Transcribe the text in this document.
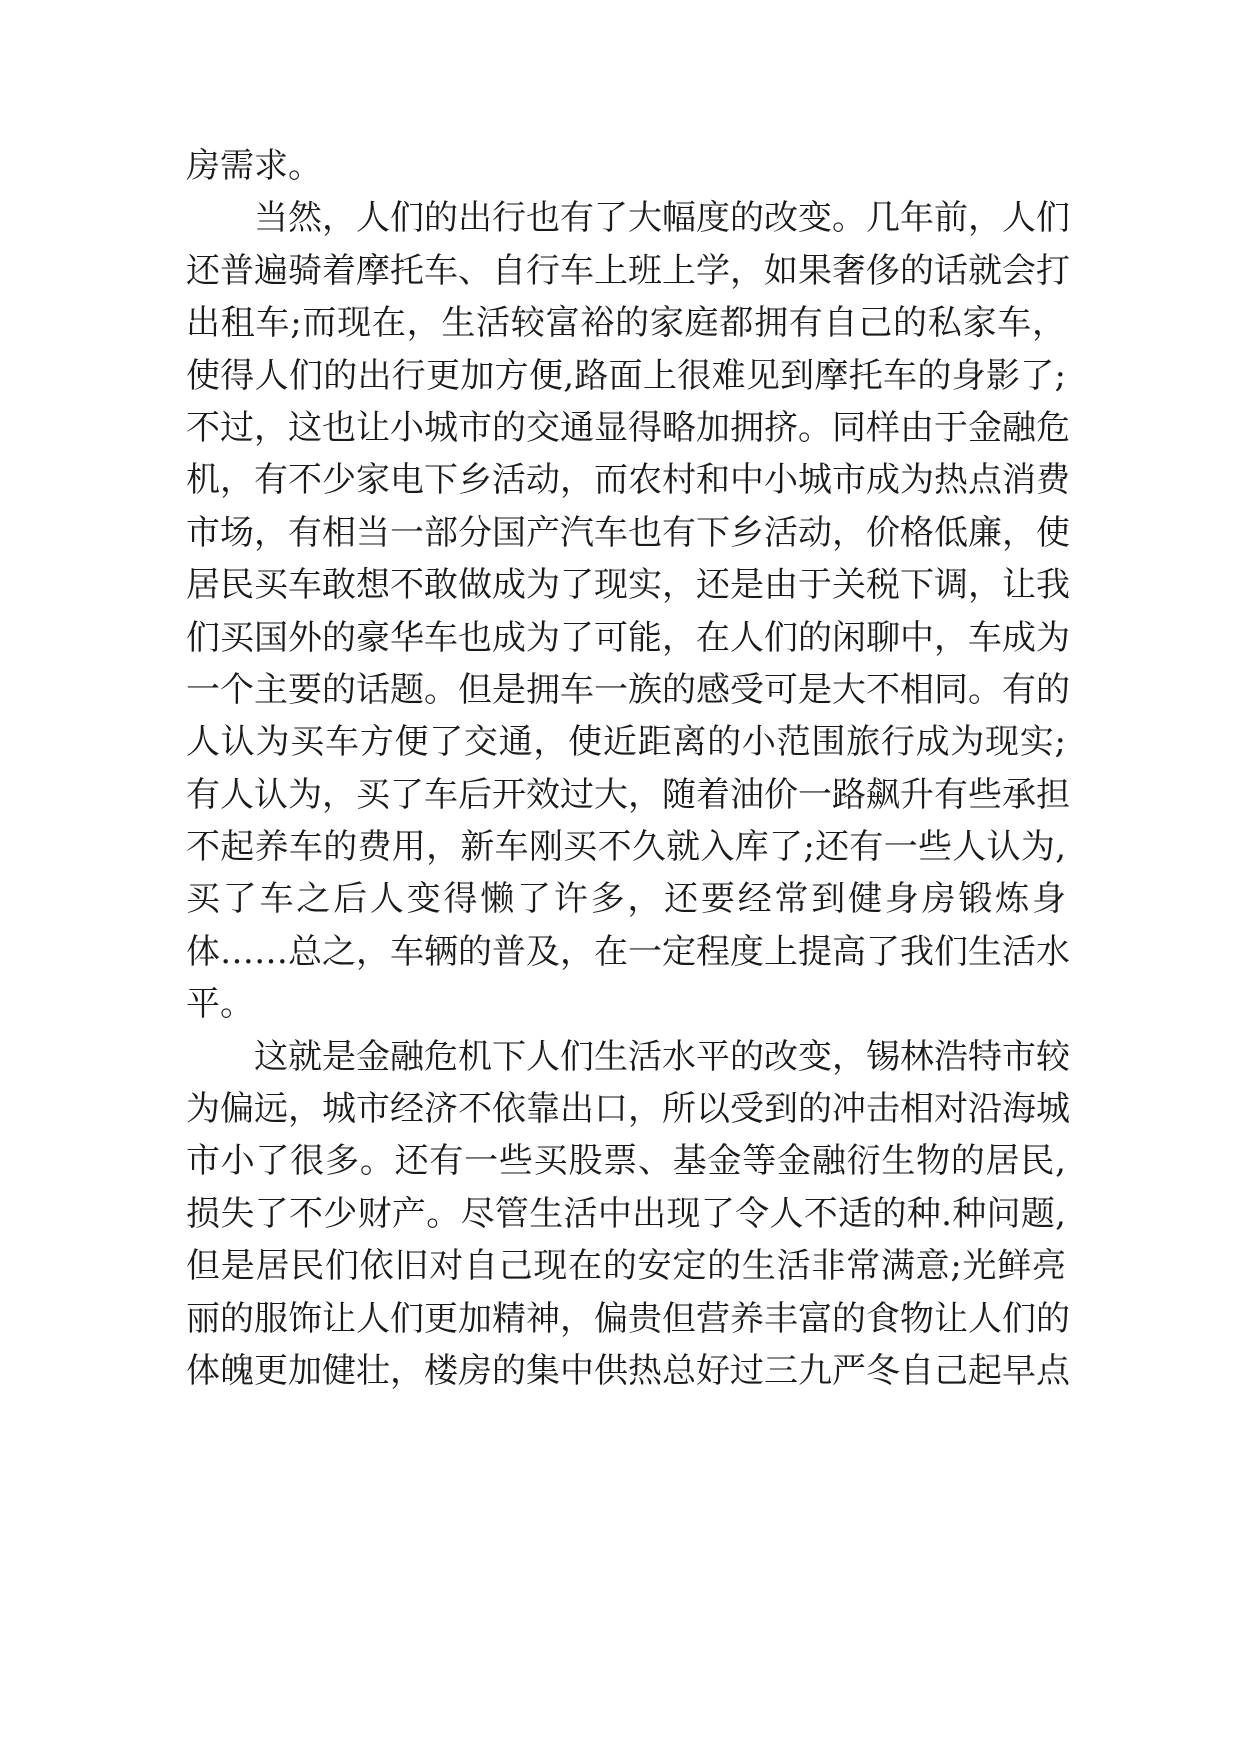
房需求。
当然，人们的出行也有了大幅度的改变。几年前，人们
还普遍骑着摩托车、自行车上班上学，如果奢侈的话就会打
出租车;而现在，生活较富裕的家庭都拥有自己的私家车，
使得人们的出行更加方便,路面上很难见到摩托车的身影了;
不过，这也让小城市的交通显得略加拥挤。同样由于金融危
机，有不少家电下乡活动，而农村和中小城市成为热点消费
市场，有相当一部分国产汽车也有下乡活动，价格低廉，使
居民买车敢想不敢做成为了现实，还是由于关税下调，让我
们买国外的豪华车也成为了可能，在人们的闲聊中，车成为
一个主要的话题。但是拥车一族的感受可是大不相同。有的
人认为买车方便了交通，使近距离的小范围旅行成为现实;
有人认为，买了车后开效过大，随着油价一路飙升有些承担
不起养车的费用，新车刚买不久就入库了;还有一些人认为,
买了车之后人变得懒了许多，还要经常到健身房锻炼身
体……总之，车辆的普及，在一定程度上提高了我们生活水
平。
这就是金融危机下人们生活水平的改变，锡林浩特市较
为偏远，城市经济不依靠出口，所以受到的冲击相对沿海城
市小了很多。还有一些买股票、基金等金融衍生物的居民,
损失了不少财产。尽管生活中出现了令人不适的种.种问题,
但是居民们依旧对自己现在的安定的生活非常满意;光鲜亮
丽的服饰让人们更加精神，偏贵但营养丰富的食物让人们的
体魄更加健壮，楼房的集中供热总好过三九严冬自己起早点
